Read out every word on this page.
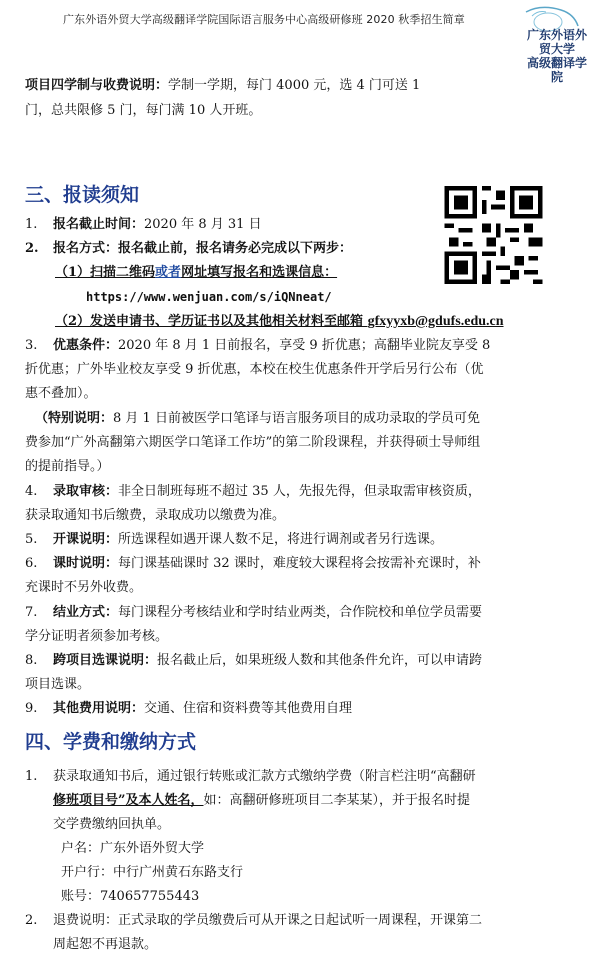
广东外语外贸大学高级翻译学院国际语言服务中心高级研修班 2020 秋季招生简章
广东外语外贸大学
高级翻译学院
项目四学制与收费说明：学制一学期，每门 4000 元，选 4 门可送 1
门，总共限修 5 门，每门满 10 人开班。
三、报读须知
1. 报名截止时间：2020 年 8 月 31 日
2. 报名方式：报名截止前，报名请务必完成以下两步：
（1）扫描二维码或者网址填写报名和选课信息：
https://www.wenjuan.com/s/iQNneat/
（2）发送申请书、学历证书以及其他相关材料至邮箱 gfxyyxb@gdufs.edu.cn
3. 优惠条件：2020 年 8 月 1 日前报名，享受 9 折优惠；高翻毕业院友享受 8
折优惠；广外毕业校友享受 9 折优惠，本校在校生优惠条件开学后另行公布（优
惠不叠加）。
（特别说明：8 月 1 日前被医学口笔译与语言服务项目的成功录取的学员可免
费参加“广外高翻第六期医学口笔译工作坊”的第二阶段课程，并获得硕士导师组
的提前指导。）
4. 录取审核：非全日制班每班不超过 35 人，先报先得，但录取需审核资质，
获录取通知书后缴费，录取成功以缴费为准。
5. 开课说明：所选课程如遇开课人数不足，将进行调剂或者另行选课。
6. 课时说明：每门课基础课时 32 课时，难度较大课程将会按需补充课时，补
充课时不另外收费。
7. 结业方式：每门课程分考核结业和学时结业两类，合作院校和单位学员需要
学分证明者须参加考核。
8. 跨项目选课说明：报名截止后，如果班级人数和其他条件允许，可以申请跨
项目选课。
9. 其他费用说明：交通、住宿和资料费等其他费用自理
四、学费和缴纳方式
1. 获录取通知书后，通过银行转账或汇款方式缴纳学费（附言栏注明“高翻研
修班项目号”及本人姓名，如：高翻研修班项目二李某某），并于报名时提
交学费缴纳回执单。
户名：广东外语外贸大学
开户行：中行广州黄石东路支行
账号：740657755443
2. 退费说明：正式录取的学员缴费后可从开课之日起试听一周课程，开课第二
周起恕不再退款。
